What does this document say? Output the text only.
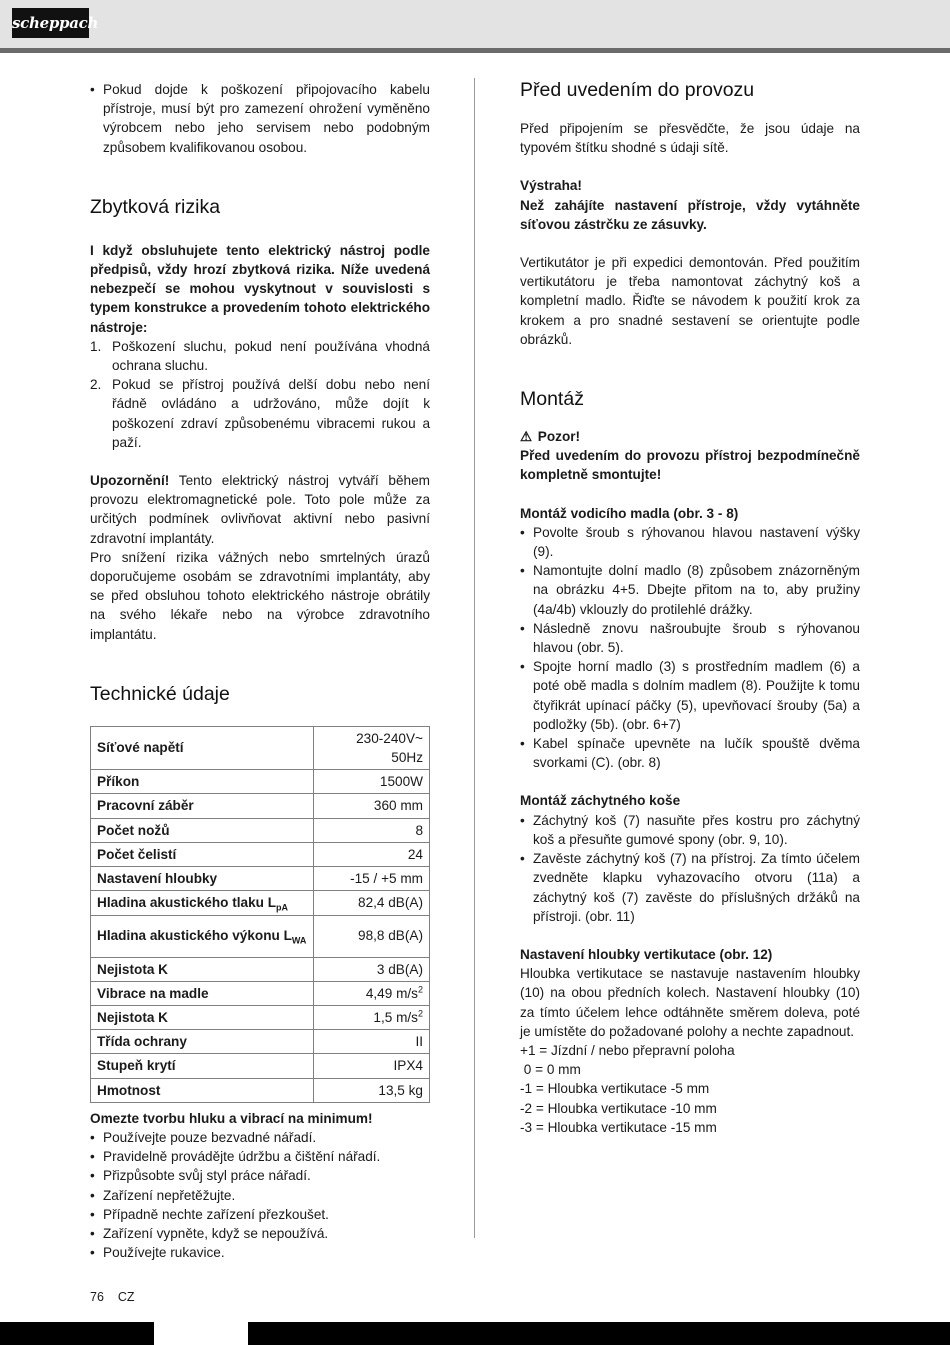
scheppach
• Pokud dojde k poškození připojovacího kabelu přístroje, musí být pro zamezení ohrožení vyměněno výrobcem nebo jeho servisem nebo podobným způsobem kvalifikovanou osobou.
Zbytková rizika

I když obsluhujete tento elektrický nástroj podle předpisů, vždy hrozí zbytková rizika. Níže uvedená nebezpečí se mohou vyskytnout v souvislosti s typem konstrukce a provedením tohoto elektrického nástroje:

1. Poškození sluchu, pokud není používána vhodná ochrana sluchu.
2. Pokud se přístroj používá delší dobu nebo není řádně ovládáno a udržováno, může dojít k poškození zdraví způsobenému vibracemi rukou a paží.

Upozornění! Tento elektrický nástroj vytváří během provozu elektromagnetické pole. Toto pole může za určitých podmínek ovlivňovat aktivní nebo pasivní zdravotní implantáty.

Pro snížení rizika vážných nebo smrtelných úrazů doporučujeme osobám se zdravotními implantáty, aby se před obsluhou tohoto elektrického nástroje obrátily na svého lékaře nebo na výrobce zdravotního implantátu.

Technické údaje
Síťové napětí	230-240V~ 50Hz
Příkon	1500W
Pracovní záběr	360 mm
Počet nožů	8
Počet čelistí	24
Nastavení hloubky	-15 / +5 mm
Hladina akustického tlaku $L_{pA}$	82,4 dB(A)
Hladina akustického výkonu $L_{WA}$	98,8 dB(A)
Nejistota K	3 dB(A)
Vibrace na madle	4,49 $m/s^2$
Nejistota K	1,5 $m/s^2$
Třída ochrany	II
Stupeň krytí	IPX4
Hmotnost	13,5 kg

Omezte tvorbu hluku a vibrací na minimum!

• Používejte pouze bezvadné nářadí.
• Pravidelně provádějte údržbu a čištění nářadí.
• Přizpůsobte svůj styl práce nářadí.
• Zařízení nepřetěžujte.
• Případně nechte zařízení přezkoušet.
• Zařízení vypněte, když se nepoužívá.
• Používejte rukavice.
Před uvedením do provozu

Před připojením se přesvědčte, že jsou údaje na typovém štítku shodné s údaji sítě.

Výstraha!

Než zahájíte nastavení přístroje, vždy vytáhněte síťovou zástrčku ze zásuvky.

Vertikutátor je při expedici demontován. Před použitím vertikutátoru je třeba namontovat záchytný koš a kompletní madlo. Řiďte se návodem k použití krok za krokem a pro snadné sestavení se orientujte podle obrázků.

Montáž

⚠ Pozor!

Před uvedením do provozu přístroj bezpodmínečně kompletně smontujte!

Montáž vodicího madla (obr. 3 - 8)

• Povolte šroub s rýhovanou hlavou nastavení výšky (9).
• Namontujte dolní madlo (8) způsobem znázorněným na obrázku 4+5. Dbejte přitom na to, aby pružiny (4a/4b) vklouzly do protilehlé drážky.
• Následně znovu našroubujte šroub s rýhovanou hlavou (obr. 5).
• Spojte horní madlo (3) s prostředním madlem (6) a poté obě madla s dolním madlem (8). Použijte k tomu čtyřikrát upínací páčky (5), upevňovací šrouby (5a) a podložky (5b). (obr. 6+7)
• Kabel spínače upevněte na lučík spouště dvěma svorkami (C). (obr. 8)

Montáž záchytného koše

• Záchytný koš (7) nasuňte přes kostru pro záchytný koš a přesuňte gumové spony (obr. 9, 10).
• Zavěste záchytný koš (7) na přístroj. Za tímto účelem zvedněte klapku vyhazovacího otvoru (11a) a záchytný koš (7) zavěste do příslušných držáků na přístroji. (obr. 11)

Nastavení hloubky vertikutace (obr. 12)

Hloubka vertikutace se nastavuje nastavením hloubky (10) na obou předních kolech. Nastavení hloubky (10) za tímto účelem lehce odtáhněte směrem doleva, poté je umístěte do požadované polohy a nechte zapadnout.

+1 = Jízdní / nebo přepravní poloha

0 = 0 mm

-1 = Hloubka vertikutace -5 mm

-2 = Hloubka vertikutace -10 mm

-3 = Hloubka vertikutace -15 mm

76 CZ
